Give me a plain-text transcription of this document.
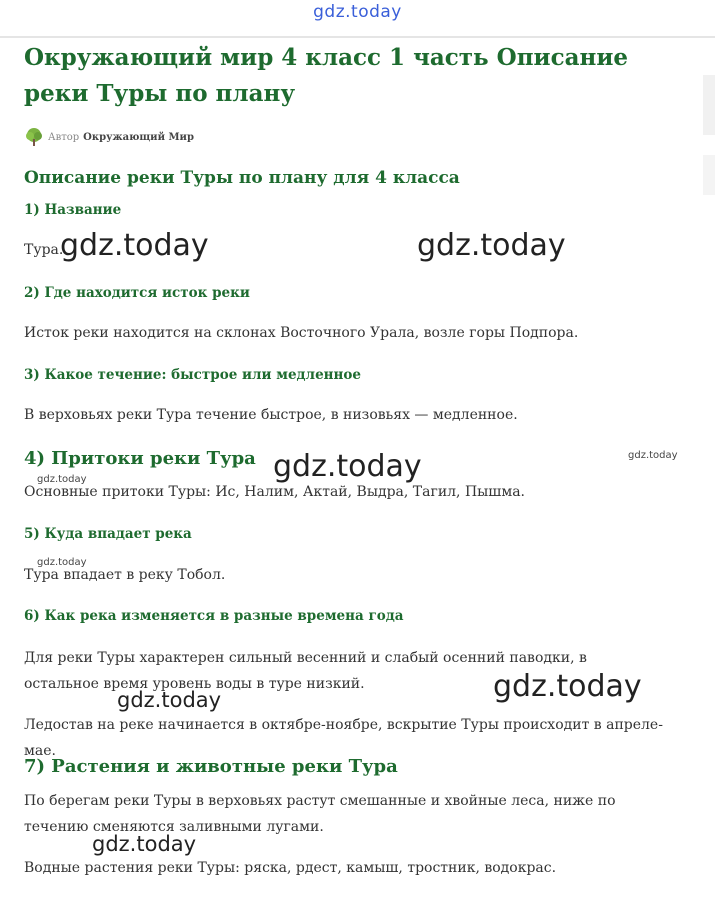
gdz.today
Окружающий мир 4 класс 1 часть Описание реки Туры по плану
Автор Окружающий Мир
Описание реки Туры по плану для 4 класса
1) Название
Тура.
2) Где находится исток реки
Исток реки находится на склонах Восточного Урала, возле горы Подпора.
3) Какое течение: быстрое или медленное
В верховьях реки Тура течение быстрое, в низовьях — медленное.
4) Притоки реки Тура
Основные притоки Туры: Ис, Налим, Актай, Выдра, Тагил, Пышма.
5) Куда впадает река
Тура впадает в реку Тобол.
6) Как река изменяется в разные времена года
Для реки Туры характерен сильный весенний и слабый осенний паводки, в остальное время уровень воды в туре низкий.
Ледостав на реке начинается в октябре-ноябре, вскрытие Туры происходит в апреле-мае.
7) Растения и животные реки Тура
По берегам реки Туры в верховьях растут смешанные и хвойные леса, ниже по течению сменяются заливными лугами.
Водные растения реки Туры: ряска, рдест, камыш, тростник, водокрас.
gdz.today	gdz.today
gdz.today	gdz.today
gdz.today
gdz.today
gdz.today
gdz.today
gdz.today
